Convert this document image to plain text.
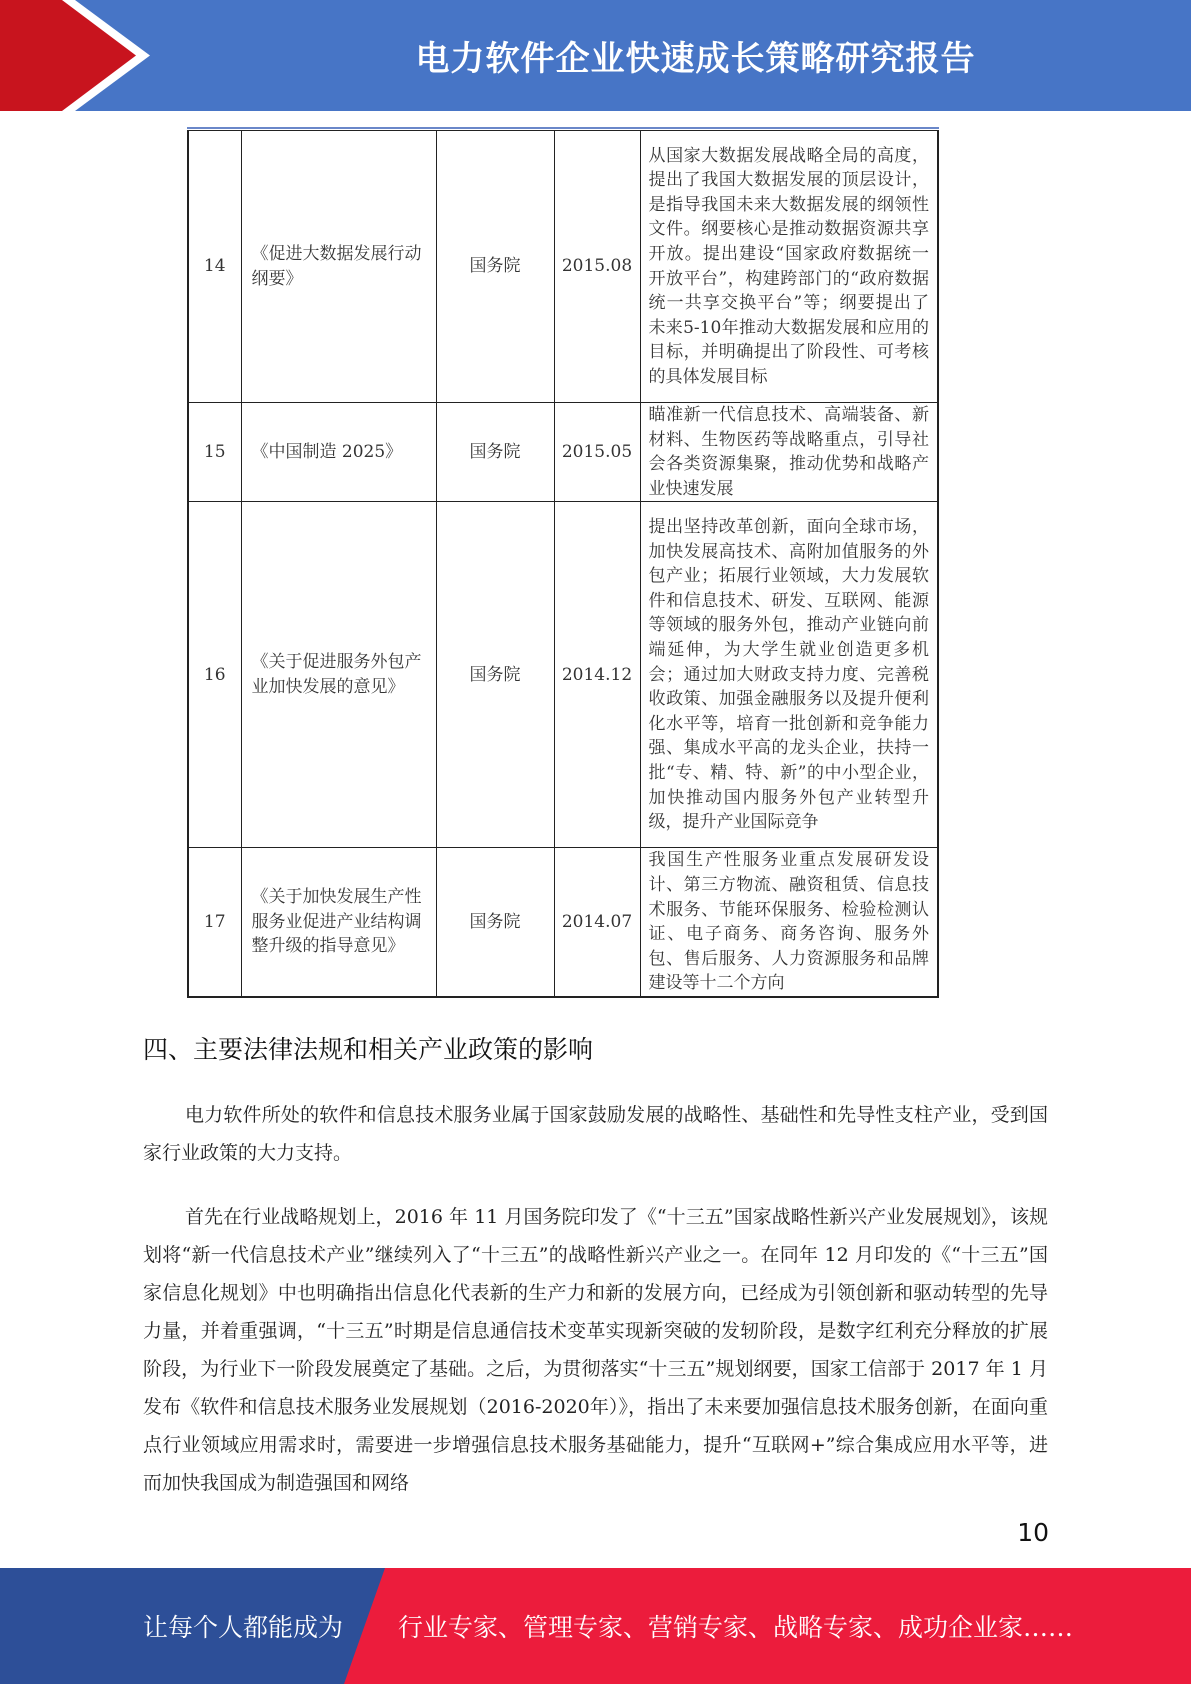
电力软件企业快速成长策略研究报告
14	《促进大数据发展行动纲要》	国务院	2015.08	从国家大数据发展战略全局的高度，提出了我国大数据发展的顶层设计，是指导我国未来大数据发展的纲领性文件。纲要核心是推动数据资源共享开放。提出建设“国家政府数据统一开放平台”，构建跨部门的“政府数据统一共享交换平台”等；纲要提出了未来5-10年推动大数据发展和应用的目标，并明确提出了阶段性、可考核的具体发展目标
15	《中国制造 2025》	国务院	2015.05	瞄准新一代信息技术、高端装备、新材料、生物医药等战略重点，引导社会各类资源集聚，推动优势和战略产业快速发展
16	《关于促进服务外包产业加快发展的意见》	国务院	2014.12	提出坚持改革创新，面向全球市场，加快发展高技术、高附加值服务的外包产业；拓展行业领域，大力发展软件和信息技术、研发、互联网、能源等领域的服务外包，推动产业链向前端延伸，为大学生就业创造更多机会；通过加大财政支持力度、完善税收政策、加强金融服务以及提升便利化水平等，培育一批创新和竞争能力强、集成水平高的龙头企业，扶持一批“专、精、特、新”的中小型企业，加快推动国内服务外包产业转型升级，提升产业国际竞争
17	《关于加快发展生产性服务业促进产业结构调整升级的指导意见》	国务院	2014.07	我国生产性服务业重点发展研发设计、第三方物流、融资租赁、信息技术服务、节能环保服务、检验检测认证、电子商务、商务咨询、服务外包、售后服务、人力资源服务和品牌建设等十二个方向
四、主要法律法规和相关产业政策的影响

电力软件所处的软件和信息技术服务业属于国家鼓励发展的战略性、基础性和先导性支柱产业，受到国家行业政策的大力支持。

首先在行业战略规划上，2016 年 11 月国务院印发了《“十三五”国家战略性新兴产业发展规划》，该规划将“新一代信息技术产业”继续列入了“十三五”的战略性新兴产业之一。在同年 12 月印发的《“十三五”国家信息化规划》中也明确指出信息化代表新的生产力和新的发展方向，已经成为引领创新和驱动转型的先导力量，并着重强调，“十三五”时期是信息通信技术变革实现新突破的发轫阶段，是数字红利充分释放的扩展阶段，为行业下一阶段发展奠定了基础。之后，为贯彻落实“十三五”规划纲要，国家工信部于 2017 年 1 月发布《软件和信息技术服务业发展规划（2016-2020年）》，指出了未来要加强信息技术服务创新，在面向重点行业领域应用需求时，需要进一步增强信息技术服务基础能力，提升“互联网+”综合集成应用水平等，进而加快我国成为制造强国和网络

10
让每个人都能成为 行业专家、管理专家、营销专家、战略专家、成功企业家……
